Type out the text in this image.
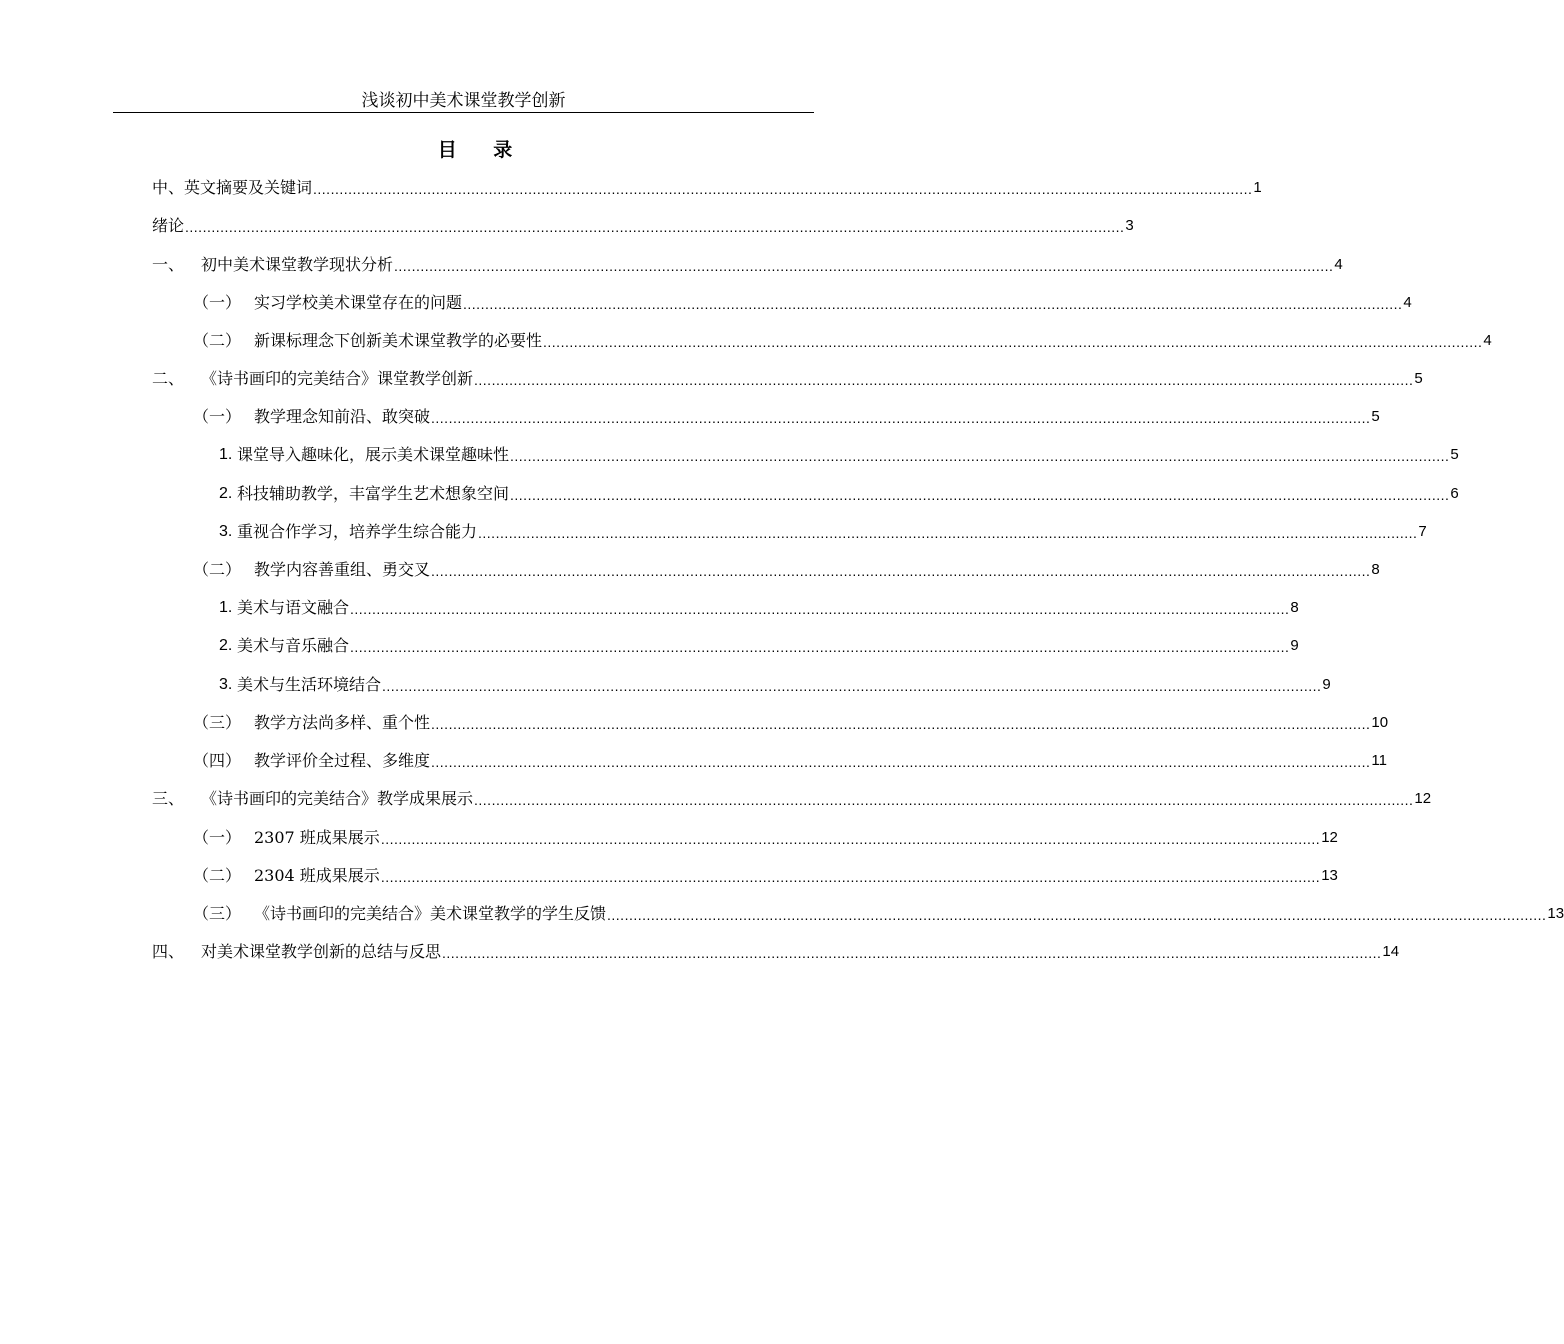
浅谈初中美术课堂教学创新
目 录
中、英文摘要及关键词 ...................................................................................................................................................................................................................... 1
绪论 ...................................................................................................................................................................................................................... 3
一、	初中美术课堂教学现状分析 ...................................................................................................................................................................................................................... 4
（一） 实习学校美术课堂存在的问题 ...................................................................................................................................................................................................................... 4
（二） 新课标理念下创新美术课堂教学的必要性 ...................................................................................................................................................................................................................... 4
二、	《诗书画印的完美结合》课堂教学创新 ...................................................................................................................................................................................................................... 5
（一） 教学理念知前沿、敢突破 ...................................................................................................................................................................................................................... 5
1. 课堂导入趣味化，展示美术课堂趣味性 ...................................................................................................................................................................................................................... 5
2. 科技辅助教学，丰富学生艺术想象空间 ...................................................................................................................................................................................................................... 6
3. 重视合作学习，培养学生综合能力 ...................................................................................................................................................................................................................... 7
（二） 教学内容善重组、勇交叉 ...................................................................................................................................................................................................................... 8
1. 美术与语文融合 ...................................................................................................................................................................................................................... 8
2. 美术与音乐融合 ...................................................................................................................................................................................................................... 9
3. 美术与生活环境结合 ...................................................................................................................................................................................................................... 9
（三） 教学方法尚多样、重个性 ...................................................................................................................................................................................................................... 10
（四） 教学评价全过程、多维度 ...................................................................................................................................................................................................................... 11
三、	《诗书画印的完美结合》教学成果展示 ...................................................................................................................................................................................................................... 12
（一） 2307 班成果展示 ...................................................................................................................................................................................................................... 12
（二） 2304 班成果展示 ...................................................................................................................................................................................................................... 13
（三） 《诗书画印的完美结合》美术课堂教学的学生反馈 ...................................................................................................................................................................................................................... 13
四、	对美术课堂教学创新的总结与反思 ...................................................................................................................................................................................................................... 14
